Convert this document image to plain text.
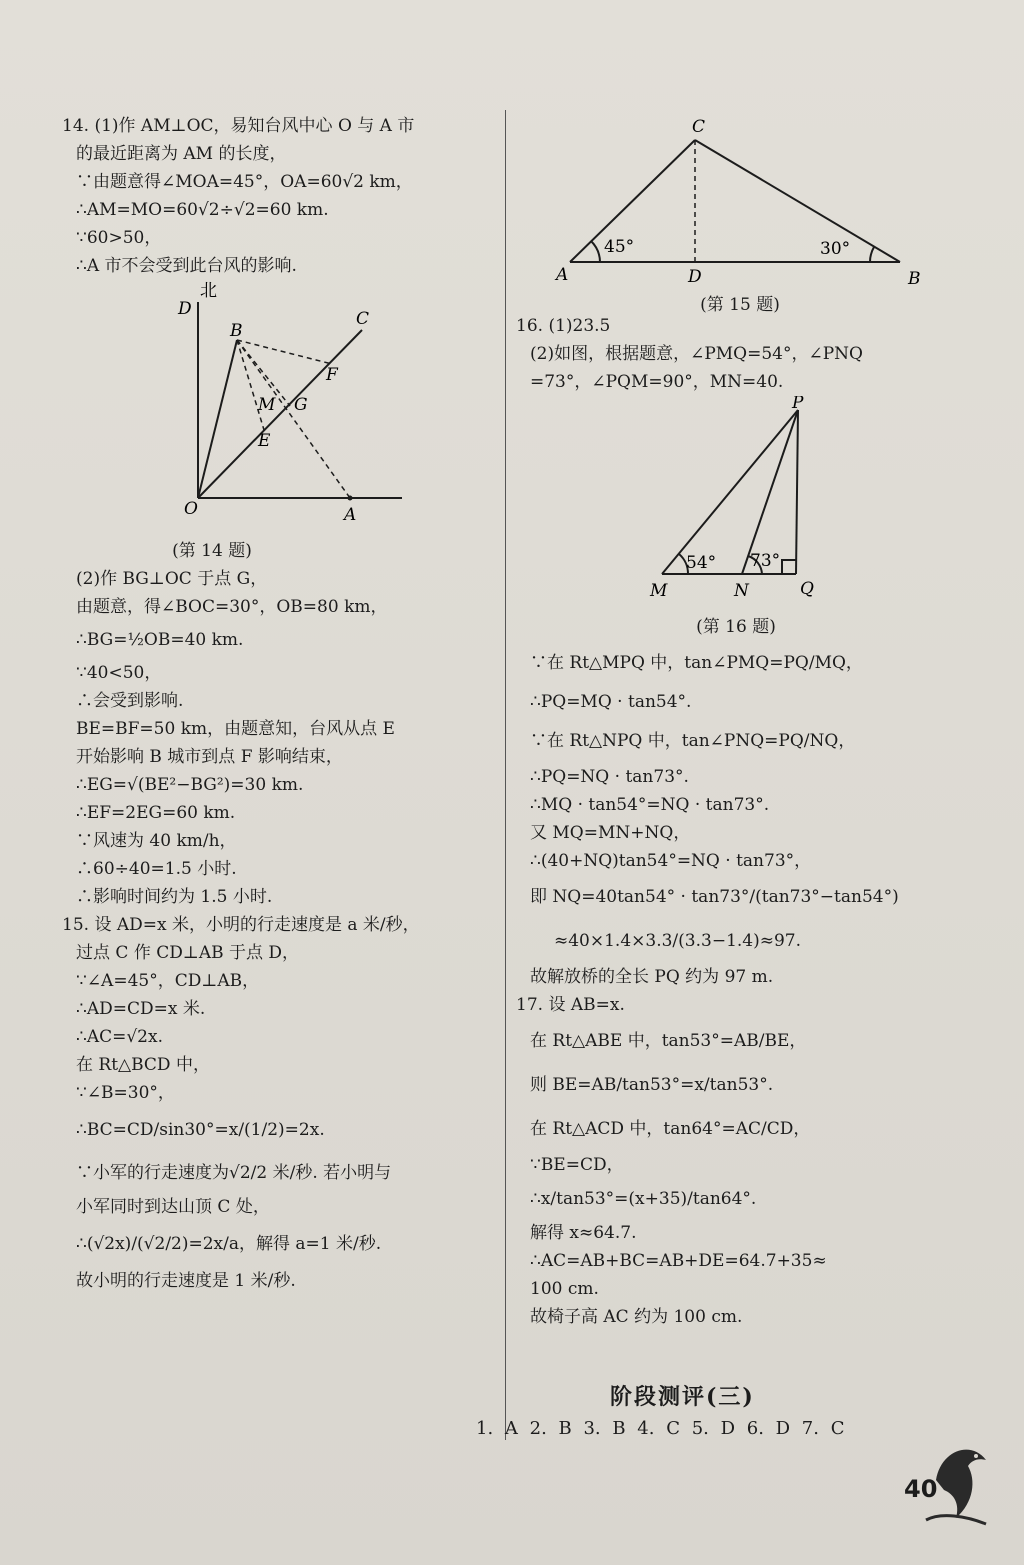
14. (1)作 AM⊥OC，易知台风中心 O 与 A 市
的最近距离为 AM 的长度，
∵由题意得∠MOA=45°，OA=60√2 km，
∴AM=MO=60√2÷√2=60 km.
∵60>50，
∴A 市不会受到此台风的影响.
北
D
B
C
F
M G
E
O	A
(第 14 题)
(2)作 BG⊥OC 于点 G，
由题意，得∠BOC=30°，OB=80 km，
∴BG=½OB=40 km.
∵40<50，
∴会受到影响.
BE=BF=50 km，由题意知，台风从点 E
开始影响 B 城市到点 F 影响结束，
∴EG=√(BE²−BG²)=30 km.
∴EF=2EG=60 km.
∵风速为 40 km/h，
∴60÷40=1.5 小时.
∴影响时间约为 1.5 小时.
15. 设 AD=x 米，小明的行走速度是 a 米/秒，
过点 C 作 CD⊥AB 于点 D，
∵∠A=45°，CD⊥AB，
∴AD=CD=x 米.
∴AC=√2x.
在 Rt△BCD 中，
∵∠B=30°，
∴BC=CD/sin30°=x/(1/2)=2x.
∵小军的行走速度为√2/2 米/秒. 若小明与
小军同时到达山顶 C 处，
∴(√2x)/(√2/2)=2x/a，解得 a=1 米/秒.
故小明的行走速度是 1 米/秒.
C
45°	30°
A	D	B
(第 15 题)
16. (1)23.5
(2)如图，根据题意，∠PMQ=54°，∠PNQ
=73°，∠PQM=90°，MN=40.
P
54° 73°
M	N	Q
(第 16 题)
∵在 Rt△MPQ 中，tan∠PMQ=PQ/MQ，
∴PQ=MQ · tan54°.
∵在 Rt△NPQ 中，tan∠PNQ=PQ/NQ，
∴PQ=NQ · tan73°.
∴MQ · tan54°=NQ · tan73°.
又 MQ=MN+NQ，
∴(40+NQ)tan54°=NQ · tan73°，
即 NQ=40tan54° · tan73°/(tan73°−tan54°)
≈40×1.4×3.3/(3.3−1.4)≈97.
故解放桥的全长 PQ 约为 97 m.
17. 设 AB=x.
在 Rt△ABE 中，tan53°=AB/BE，
则 BE=AB/tan53°=x/tan53°.
在 Rt△ACD 中，tan64°=AC/CD，
∵BE=CD，
∴x/tan53°=(x+35)/tan64°.
解得 x≈64.7.
∴AC=AB+BC=AB+DE=64.7+35≈
100 cm.
故椅子高 AC 约为 100 cm.
阶段测评(三)
1. A 2. B 3. B 4. C 5. D 6. D 7. C
40
